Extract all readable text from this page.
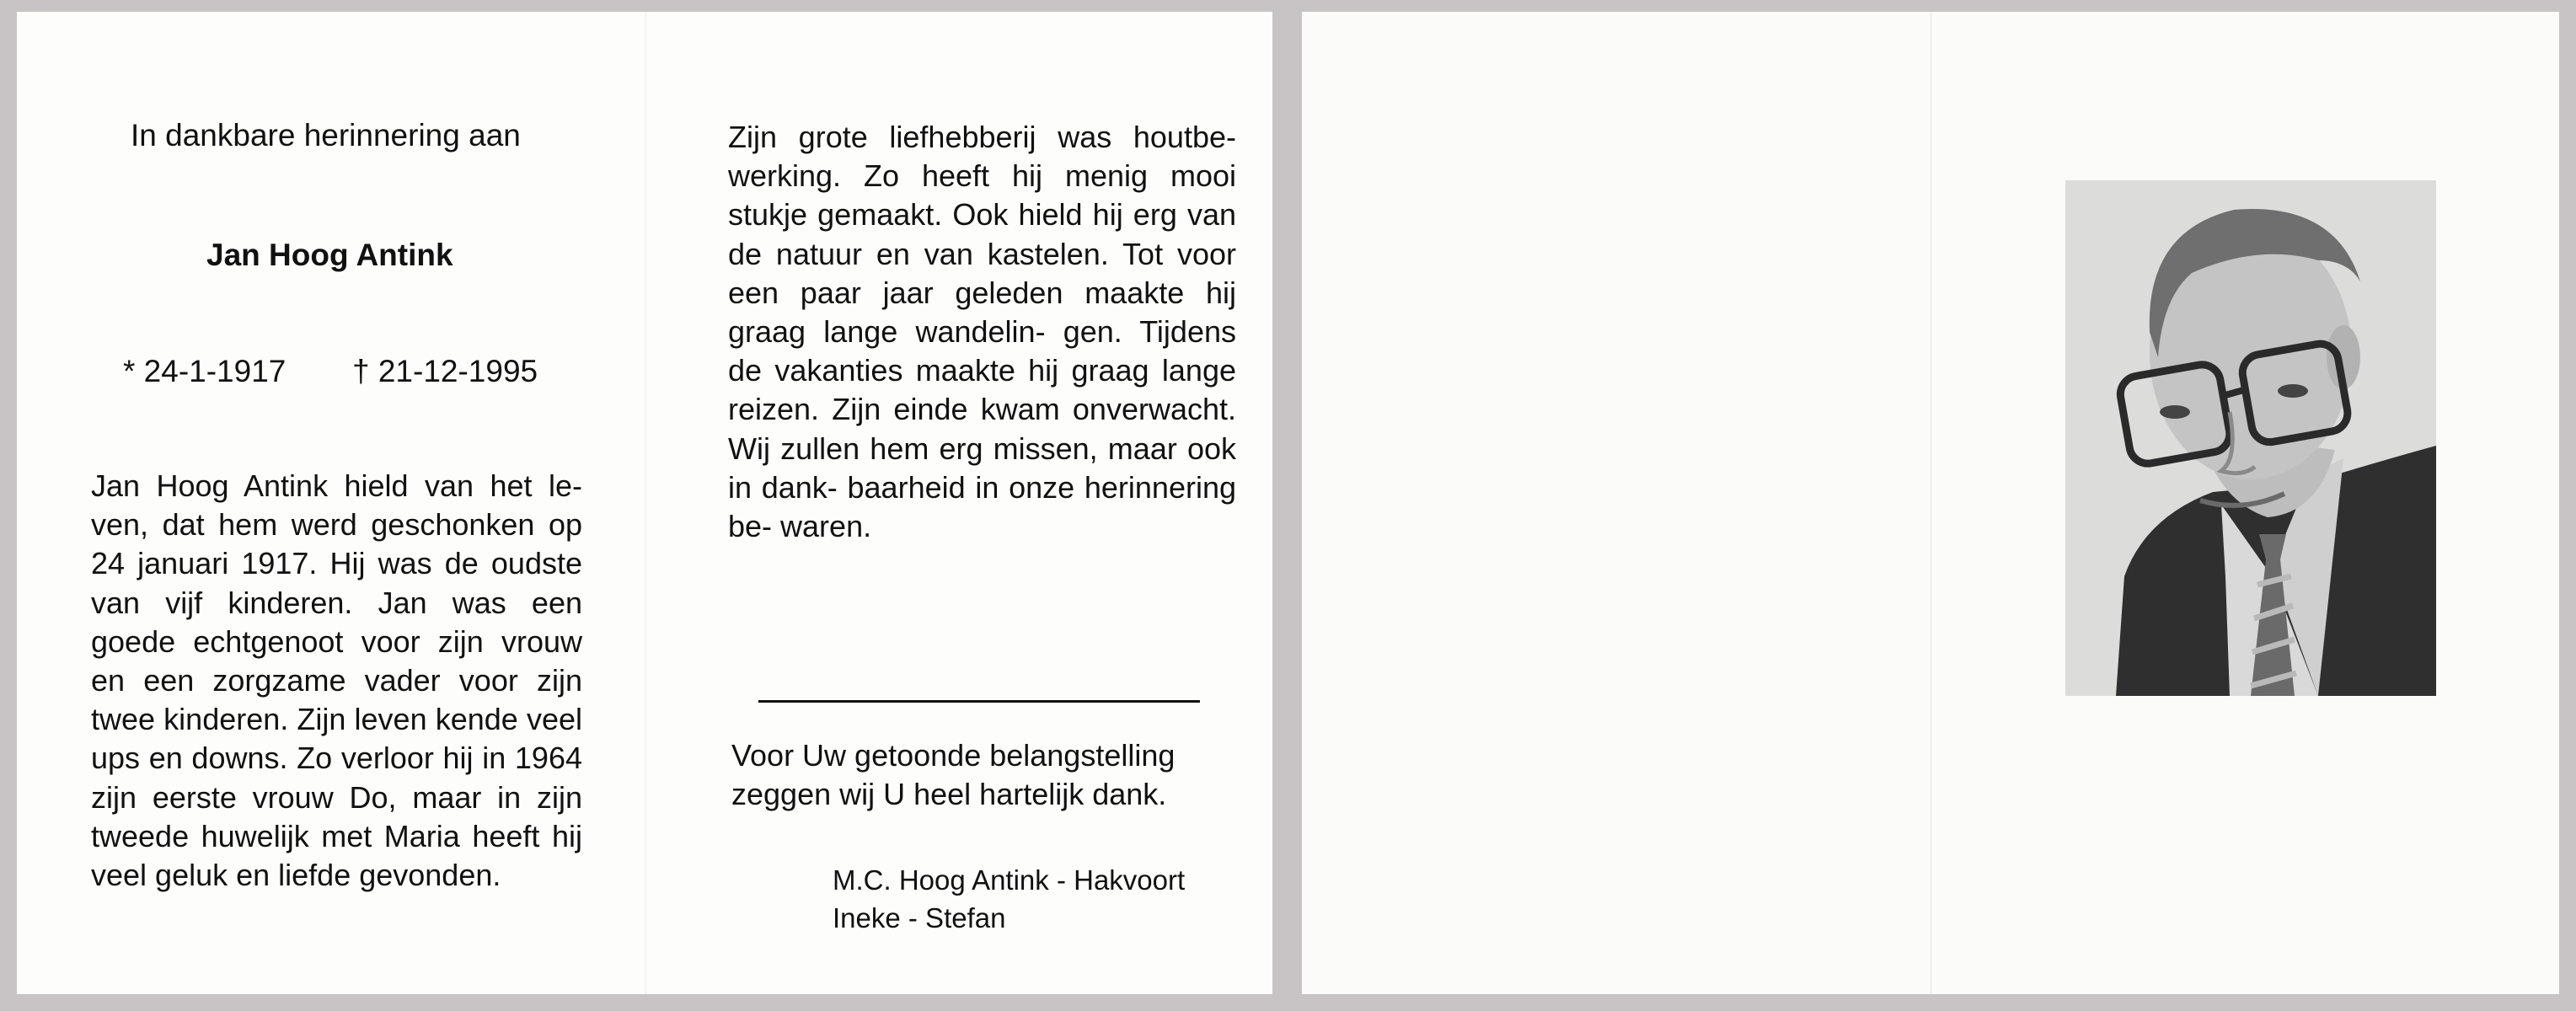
In dankbare herinnering aan
Jan Hoog Antink
* 24-1-1917 † 21-12-1995

Jan Hoog Antink hield van het le- ven, dat hem werd geschonken op 24 januari 1917. Hij was de oudste van vijf kinderen. Jan was een goede echtgenoot voor zijn vrouw en een zorgzame vader voor zijn twee kinderen. Zijn leven kende veel ups en downs. Zo verloor hij in 1964 zijn eerste vrouw Do, maar in zijn tweede huwelijk met Maria heeft hij veel geluk en liefde gevonden.

Zijn grote liefhebberij was houtbe- werking. Zo heeft hij menig mooi stukje gemaakt. Ook hield hij erg van de natuur en van kastelen. Tot voor een paar jaar geleden maakte hij graag lange wandelin- gen. Tijdens de vakanties maakte hij graag lange reizen. Zijn einde kwam onverwacht. Wij zullen hem erg missen, maar ook in dank- baarheid in onze herinnering be- waren.

Voor Uw getoonde belangstelling zeggen wij U heel hartelijk dank.

M.C. Hoog Antink - Hakvoort
Ineke - Stefan
